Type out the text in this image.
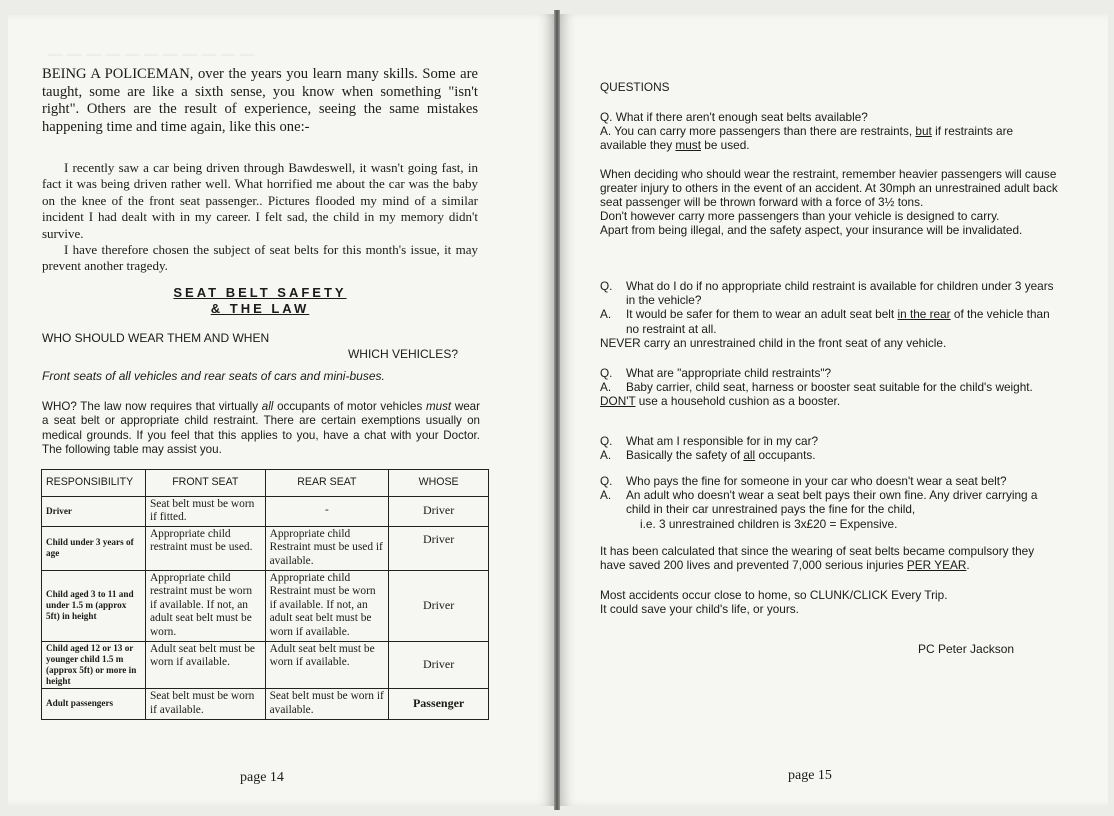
— — — — — — — — — — —
BEING A POLICEMAN, over the years you learn many skills. Some are taught, some are like a sixth sense, you know when something "isn't right". Others are the result of experience, seeing the same mistakes happening time and time again, like this one:-

I recently saw a car being driven through Bawdeswell, it wasn't going fast, in fact it was being driven rather well. What horrified me about the car was the baby on the knee of the front seat passenger.. Pictures flooded my mind of a similar incident I had dealt with in my career. I felt sad, the child in my memory didn't survive.

I have therefore chosen the subject of seat belts for this month's issue, it may prevent another tragedy.

SEAT BELT SAFETY
& THE LAW
WHO SHOULD WEAR THEM AND WHEN
WHICH VEHICLES?
Front seats of all vehicles and rear seats of cars and mini-buses.
WHO? The law now requires that virtually all occupants of motor vehicles must wear a seat belt or appropriate child restraint. There are certain exemptions usually on medical grounds. If you feel that this applies to you, have a chat with your Doctor. The following table may assist you.
RESPONSIBILITY	FRONT SEAT	REAR SEAT	WHOSE
Driver	Seat belt must be worn if fitted.	-	Driver
Child under 3 years of age	Appropriate child restraint must be used.	Appropriate child Restraint must be used if available.	Driver
Child aged 3 to 11 and under 1.5 m (approx 5ft) in height	Appropriate child restraint must be worn if available. If not, an adult seat belt must be worn.	Appropriate child Restraint must be worn if available. If not, an adult seat belt must be worn if available.	Driver
Child aged 12 or 13 or younger child 1.5 m (approx 5ft) or more in height	Adult seat belt must be worn if available.	Adult seat belt must be worn if available.	Driver
Adult passengers	Seat belt must be worn if available.	Seat belt must be worn if available.	Passenger
page 14
QUESTIONS

Q. What if there aren't enough seat belts available?

A. You can carry more passengers than there are restraints, but if restraints are available they must be used.

When deciding who should wear the restraint, remember heavier passengers will cause greater injury to others in the event of an accident. At 30mph an unrestrained adult back seat passenger will be thrown forward with a force of 3½ tons.

Don't however carry more passengers than your vehicle is designed to carry.

Apart from being illegal, and the safety aspect, your insurance will be invalidated.

Q.	What do I do if no appropriate child restraint is available for children under 3 years in the vehicle?

A.	It would be safer for them to wear an adult seat belt in the rear of the vehicle than no restraint at all.

NEVER carry an unrestrained child in the front seat of any vehicle.

Q.	What are "appropriate child restraints"?

A.	Baby carrier, child seat, harness or booster seat suitable for the child's weight.

DON'T use a household cushion as a booster.

Q.	What am I responsible for in my car?

A.	Basically the safety of all occupants.

Q.	Who pays the fine for someone in your car who doesn't wear a seat belt?

A.	An adult who doesn't wear a seat belt pays their own fine. Any driver carrying a child in their car unrestrained pays the fine for the child,

i.e. 3 unrestrained children is 3x£20 = Expensive.

It has been calculated that since the wearing of seat belts became compulsory they have saved 200 lives and prevented 7,000 serious injuries PER YEAR.

Most accidents occur close to home, so CLUNK/CLICK Every Trip.

It could save your child's life, or yours.

PC Peter Jackson
page 15
